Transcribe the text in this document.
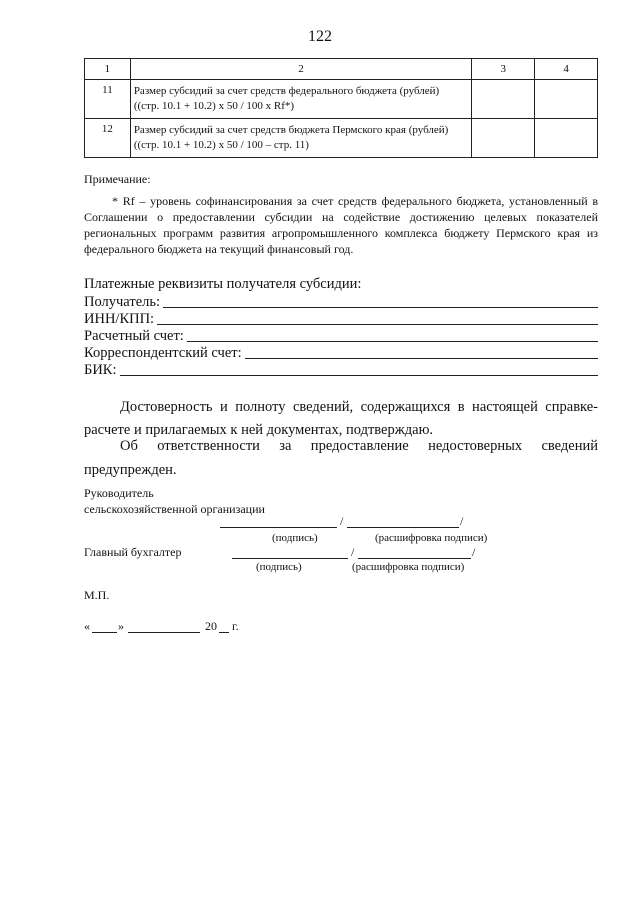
122
1	2	3	4
11	Размер субсидий за счет средств федерального бюджета (рублей)
((стр. 10.1 + 10.2) x 50 / 100 x Rf*)		

12	Размер субсидий за счет средств бюджета Пермского края (рублей)
((стр. 10.1 + 10.2) x 50 / 100 – стр. 11)		

Примечание:
* Rf – уровень софинансирования за счет средств федерального бюджета, установленный в Соглашении о предоставлении субсидии на содействие достижению целевых показателей региональных программ развития агропромышленного комплекса бюджету Пермского края из федерального бюджета на текущий финансовый год.
Платежные реквизиты получателя субсидии:
Получатель:
ИНН/КПП:
Расчетный счет:
Корреспондентский счет:
БИК:
Достоверность и полноту сведений, содержащихся в настоящей справке-расчете и прилагаемых к ней документах, подтверждаю.
Об ответственности за предоставление недостоверных сведений предупрежден.
Руководитель
сельскохозяйственной организации
/	/
(подпись)	(расшифровка подписи)
Главный бухгалтер	/	/
(подпись)	(расшифровка подписи)
М.П.
« »	20 г.
